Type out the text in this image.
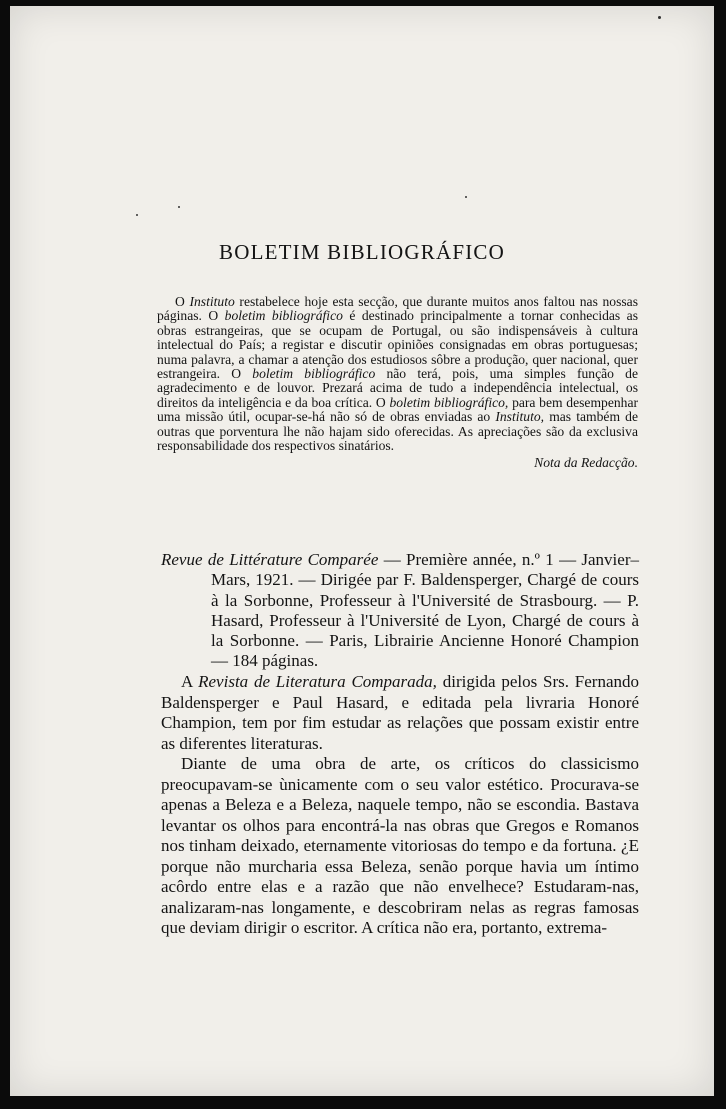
BOLETIM BIBLIOGRÁFICO

O Instituto restabelece hoje esta secção, que durante muitos anos faltou nas nossas páginas. O boletim bibliográfico é destinado principalmente a tornar conhecidas as obras estrangeiras, que se ocupam de Portugal, ou são indispensáveis à cultura intelectual do País; a registar e discutir opiniões consignadas em obras portuguesas; numa palavra, a chamar a atenção dos estudiosos sôbre a produção, quer nacional, quer estrangeira. O boletim bibliográfico não terá, pois, uma simples função de agradecimento e de louvor. Prezará acima de tudo a independência intelectual, os direitos da inteligência e da boa crítica. O boletim bibliográfico, para bem desempenhar uma missão útil, ocupar-se-há não só de obras enviadas ao Instituto, mas também de outras que porventura lhe não hajam sido oferecidas. As apreciações são da exclusiva responsabilidade dos respectivos sinatários.

Nota da Redacção.

Revue de Littérature Comparée — Première année, n.º 1 — Janvier–Mars, 1921. — Dirigée par F. Baldensperger, Chargé de cours à la Sorbonne, Professeur à l'Université de Strasbourg. — P. Hasard, Professeur à l'Université de Lyon, Chargé de cours à la Sorbonne. — Paris, Librairie Ancienne Honoré Champion — 184 páginas.

A Revista de Literatura Comparada, dirigida pelos Srs. Fernando Baldensperger e Paul Hasard, e editada pela livraria Honoré Champion, tem por fim estudar as relações que possam existir entre as diferentes literaturas.

Diante de uma obra de arte, os críticos do classicismo preocupavam-se ùnicamente com o seu valor estético. Procurava-se apenas a Beleza e a Beleza, naquele tempo, não se escondia. Bastava levantar os olhos para encontrá-la nas obras que Gregos e Romanos nos tinham deixado, eternamente vitoriosas do tempo e da fortuna. ¿E porque não murcharia essa Beleza, senão porque havia um íntimo acôrdo entre elas e a razão que não envelhece? Estudaram-nas, analizaram-nas longamente, e descobriram nelas as regras famosas que deviam dirigir o escritor. A crítica não era, portanto, extrema-
